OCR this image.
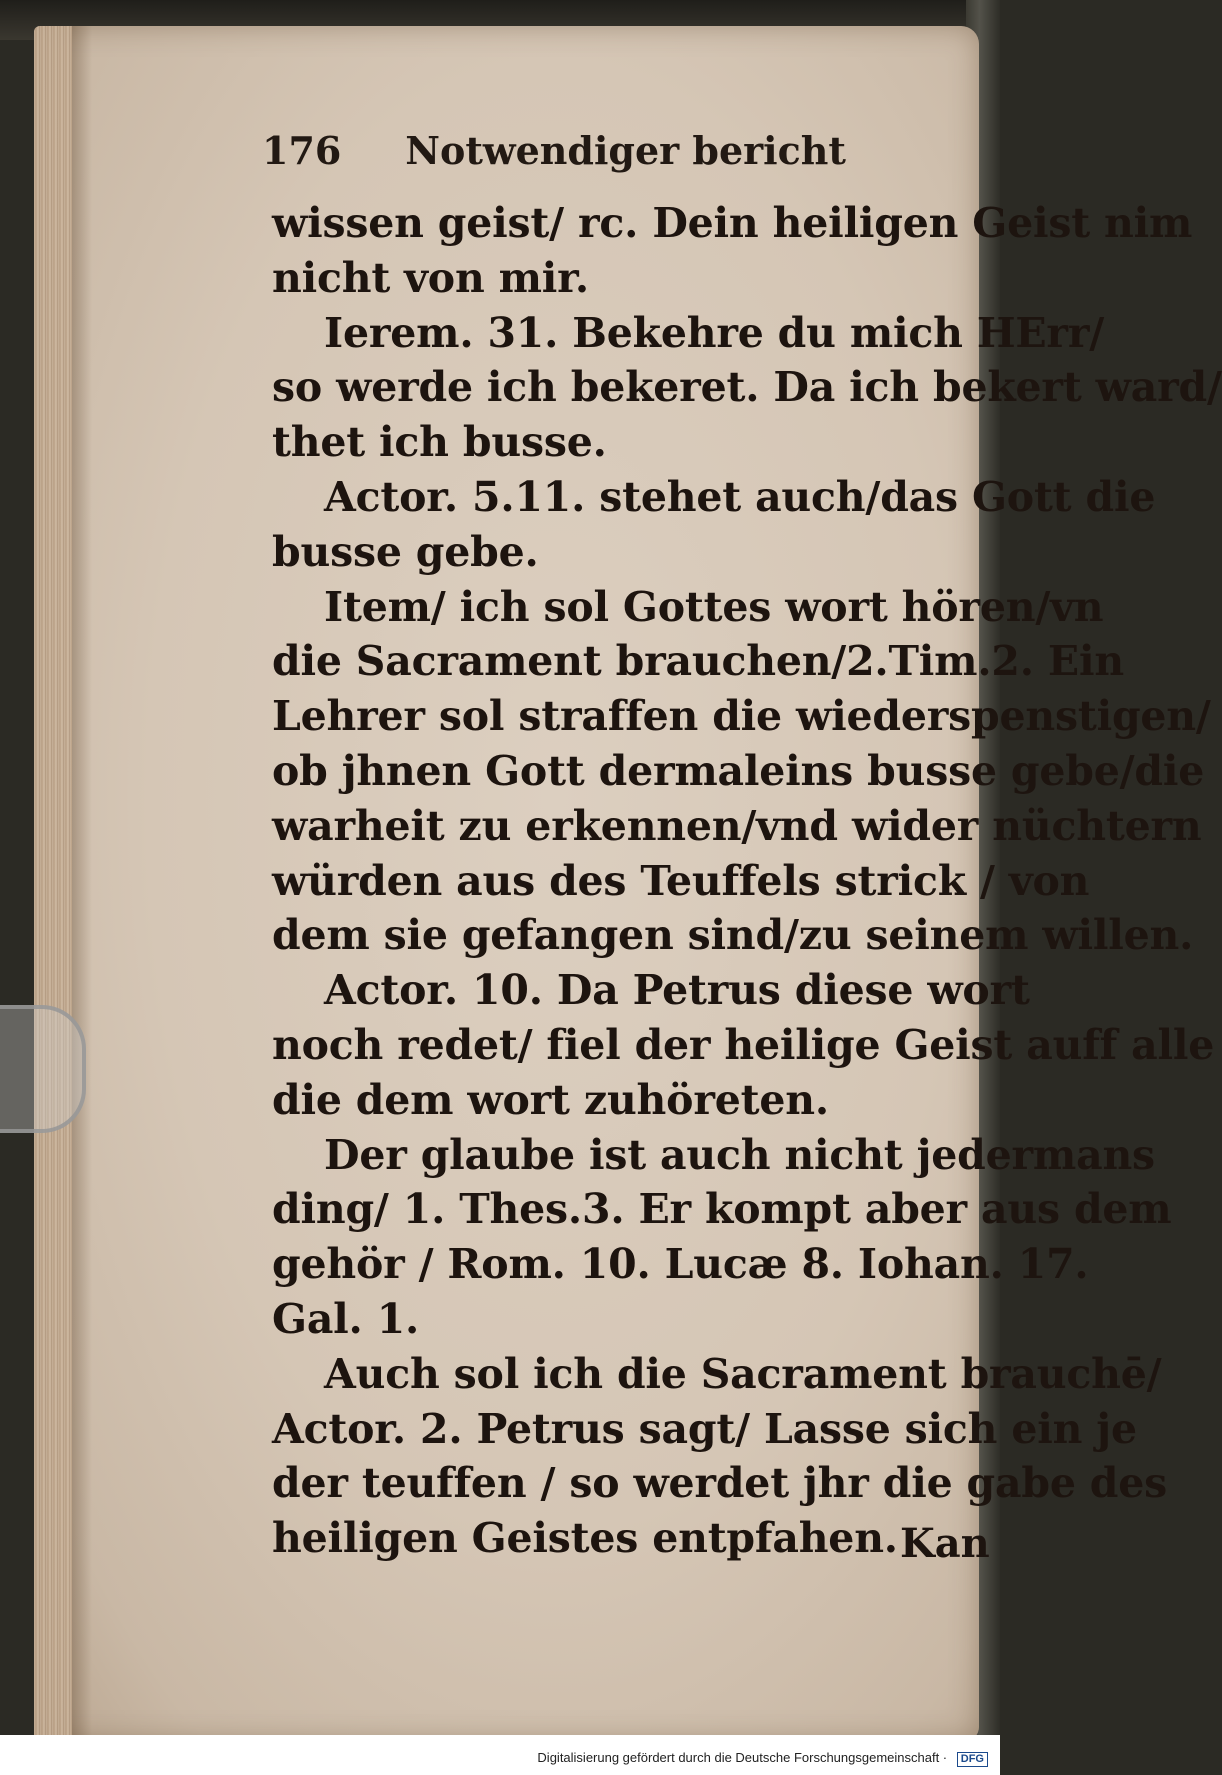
176 Notwendiger bericht
wissen geist/ rc. Dein heiligen Geist nim
nicht von mir.
Ierem. 31. Bekehre du mich HErr/
so werde ich bekeret. Da ich bekert ward/
thet ich busse.
Actor. 5.11. stehet auch/das Gott die
busse gebe.
Item/ ich sol Gottes wort hören/vn
die Sacrament brauchen/2.Tim.2. Ein
Lehrer sol straffen die wiederspenstigen/
ob jhnen Gott dermaleins busse gebe/die
warheit zu erkennen/vnd wider nüchtern
würden aus des Teuffels strick / von
dem sie gefangen sind/zu seinem willen.
Actor. 10. Da Petrus diese wort
noch redet/ fiel der heilige Geist auff alle
die dem wort zuhöreten.
Der glaube ist auch nicht jedermans
ding/ 1. Thes.3. Er kompt aber aus dem
gehör / Rom. 10. Lucæ 8. Iohan. 17.
Gal. 1.
Auch sol ich die Sacrament brauchē/
Actor. 2. Petrus sagt/ Lasse sich ein je
der teuffen / so werdet jhr die gabe des
heiligen Geistes entpfahen. Kan
Digitalisierung gefördert durch die Deutsche Forschungsgemeinschaft · DFG
